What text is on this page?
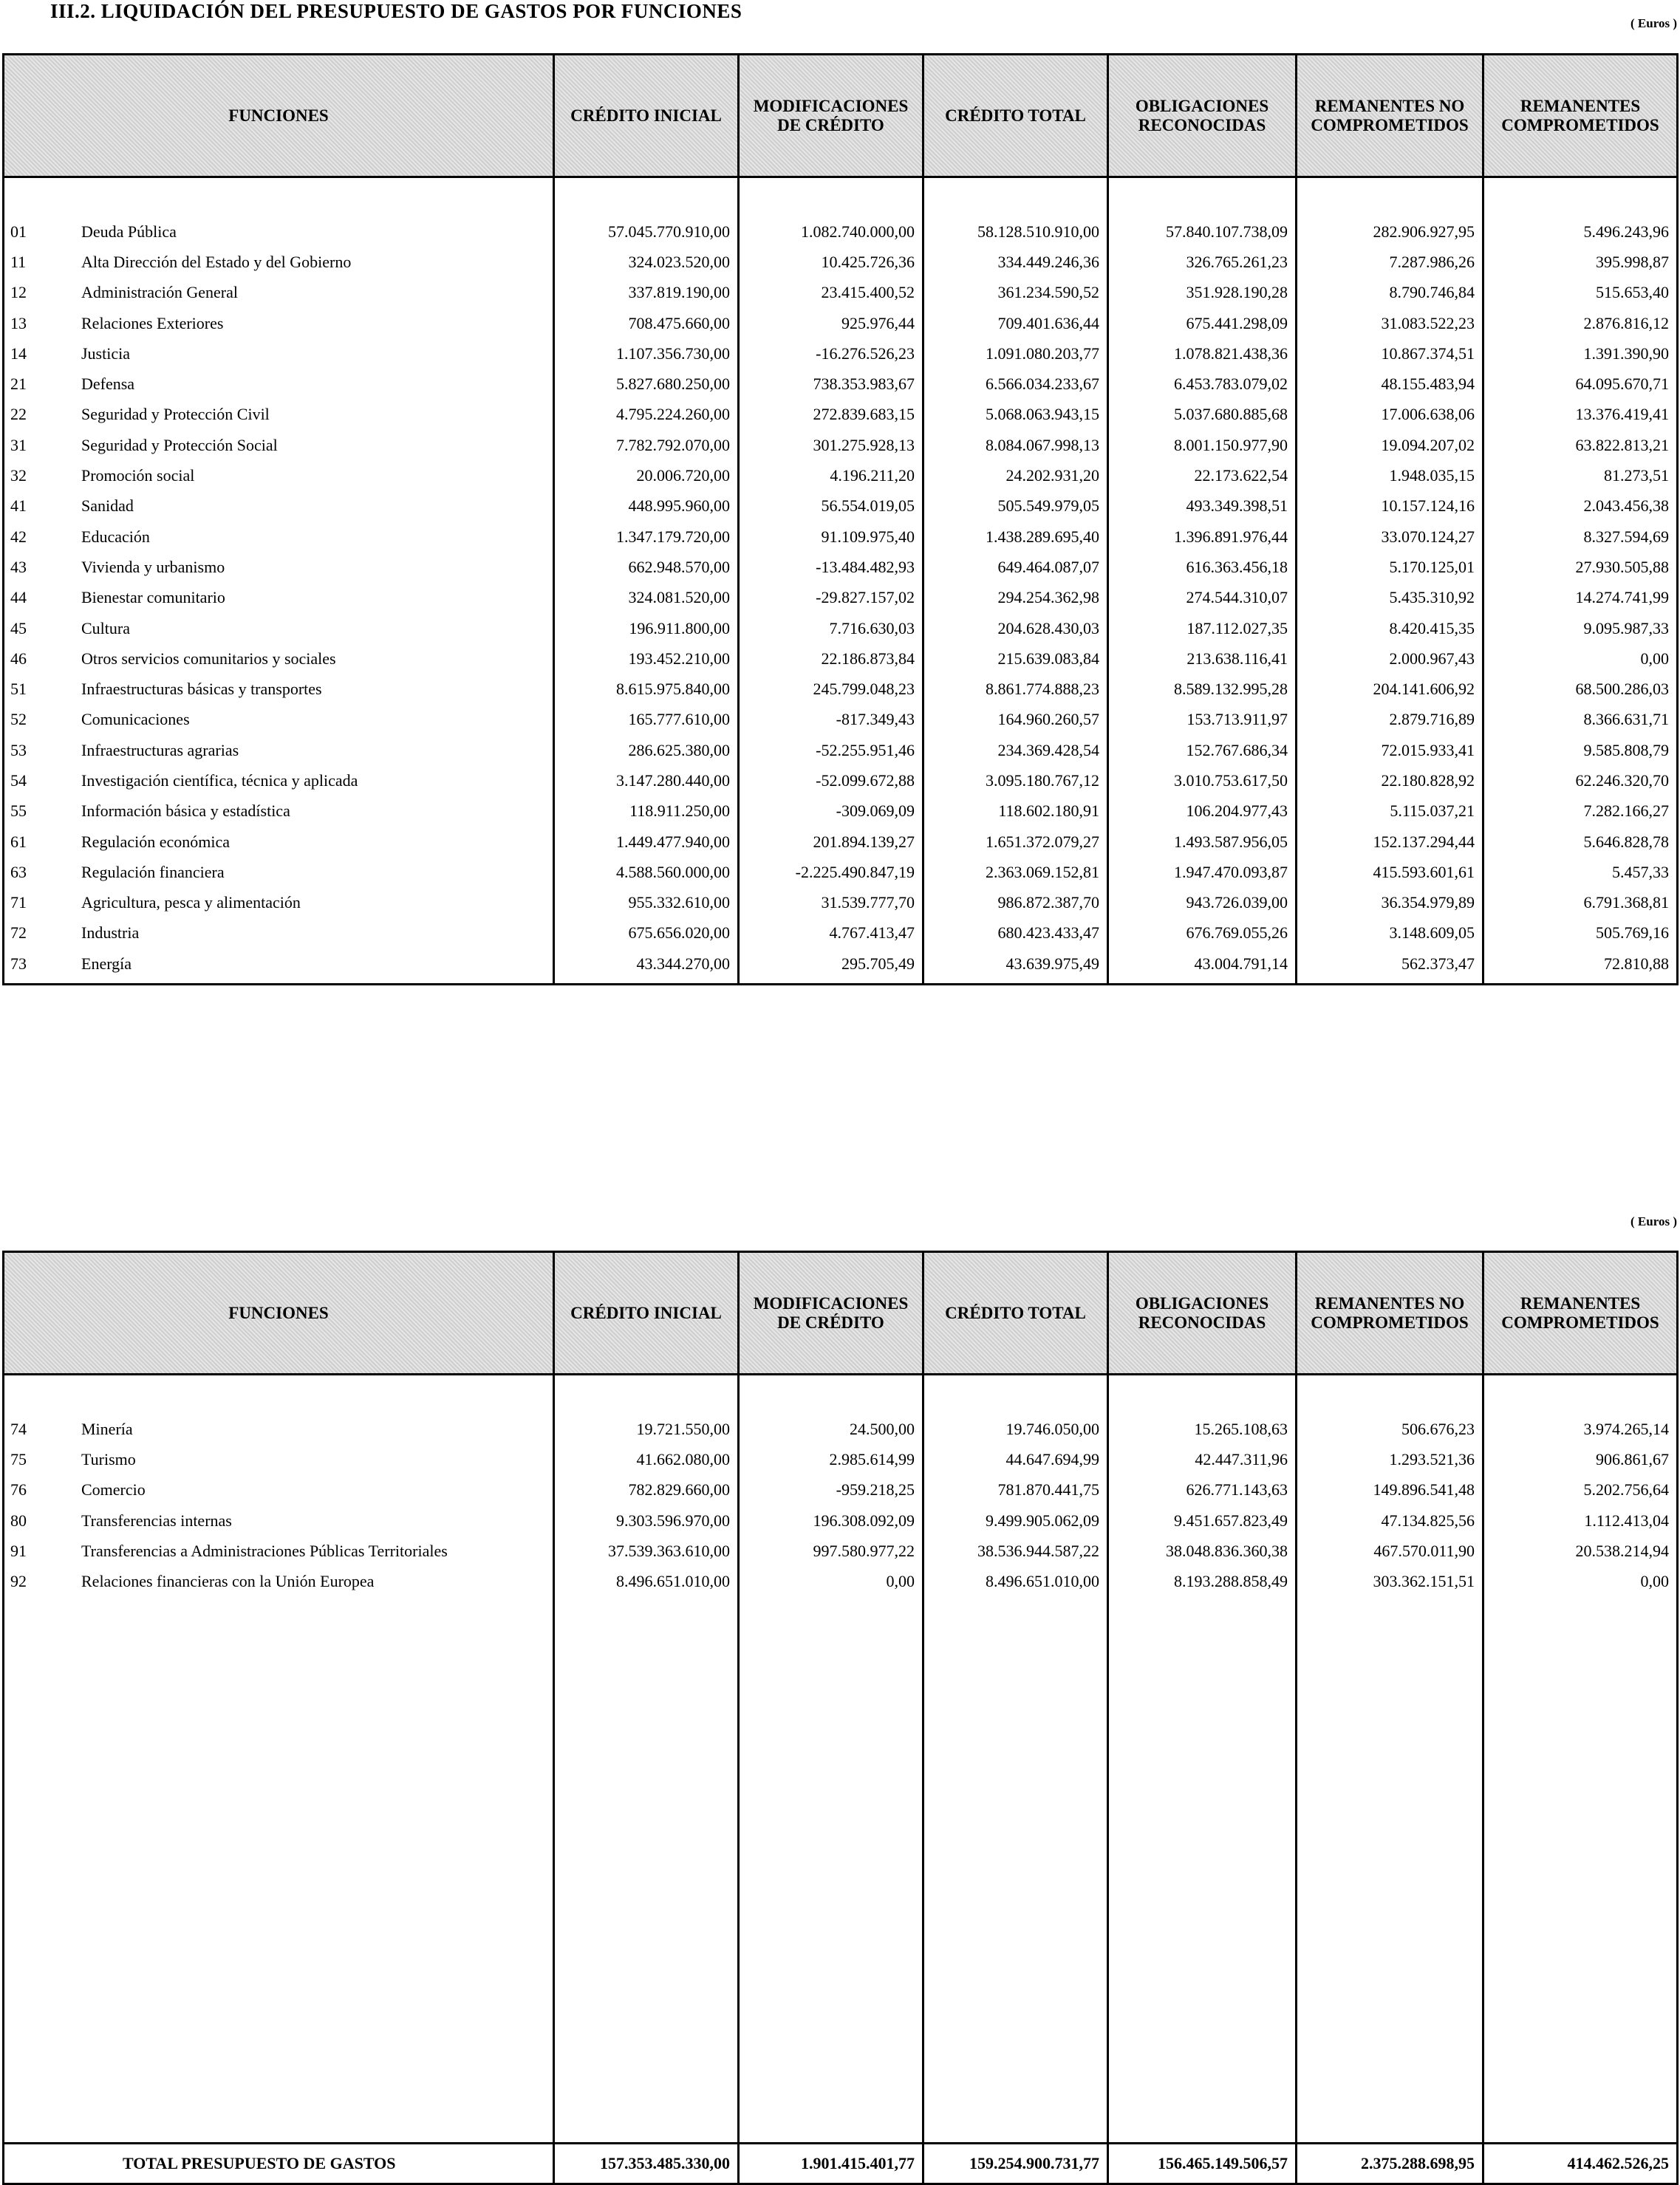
III.2. LIQUIDACIÓN DEL PRESUPUESTO DE GASTOS POR FUNCIONES
( Euros )
FUNCIONES	CRÉDITO INICIAL	MODIFICACIONES DE CRÉDITO	CRÉDITO TOTAL	OBLIGACIONES RECONOCIDAS	REMANENTES NO COMPROMETIDOS	REMANENTES COMPROMETIDOS

01 Deuda Pública	57.045.770.910,00	1.082.740.000,00	58.128.510.910,00	57.840.107.738,09	282.906.927,95	5.496.243,96
11 Alta Dirección del Estado y del Gobierno	324.023.520,00	10.425.726,36	334.449.246,36	326.765.261,23	7.287.986,26	395.998,87
12 Administración General	337.819.190,00	23.415.400,52	361.234.590,52	351.928.190,28	8.790.746,84	515.653,40
13 Relaciones Exteriores	708.475.660,00	925.976,44	709.401.636,44	675.441.298,09	31.083.522,23	2.876.816,12
14 Justicia	1.107.356.730,00	-16.276.526,23	1.091.080.203,77	1.078.821.438,36	10.867.374,51	1.391.390,90
21 Defensa	5.827.680.250,00	738.353.983,67	6.566.034.233,67	6.453.783.079,02	48.155.483,94	64.095.670,71
22 Seguridad y Protección Civil	4.795.224.260,00	272.839.683,15	5.068.063.943,15	5.037.680.885,68	17.006.638,06	13.376.419,41
31 Seguridad y Protección Social	7.782.792.070,00	301.275.928,13	8.084.067.998,13	8.001.150.977,90	19.094.207,02	63.822.813,21
32 Promoción social	20.006.720,00	4.196.211,20	24.202.931,20	22.173.622,54	1.948.035,15	81.273,51
41 Sanidad	448.995.960,00	56.554.019,05	505.549.979,05	493.349.398,51	10.157.124,16	2.043.456,38
42 Educación	1.347.179.720,00	91.109.975,40	1.438.289.695,40	1.396.891.976,44	33.070.124,27	8.327.594,69
43 Vivienda y urbanismo	662.948.570,00	-13.484.482,93	649.464.087,07	616.363.456,18	5.170.125,01	27.930.505,88
44 Bienestar comunitario	324.081.520,00	-29.827.157,02	294.254.362,98	274.544.310,07	5.435.310,92	14.274.741,99
45 Cultura	196.911.800,00	7.716.630,03	204.628.430,03	187.112.027,35	8.420.415,35	9.095.987,33
46 Otros servicios comunitarios y sociales	193.452.210,00	22.186.873,84	215.639.083,84	213.638.116,41	2.000.967,43	0,00
51 Infraestructuras básicas y transportes	8.615.975.840,00	245.799.048,23	8.861.774.888,23	8.589.132.995,28	204.141.606,92	68.500.286,03
52 Comunicaciones	165.777.610,00	-817.349,43	164.960.260,57	153.713.911,97	2.879.716,89	8.366.631,71
53 Infraestructuras agrarias	286.625.380,00	-52.255.951,46	234.369.428,54	152.767.686,34	72.015.933,41	9.585.808,79
54 Investigación científica, técnica y aplicada	3.147.280.440,00	-52.099.672,88	3.095.180.767,12	3.010.753.617,50	22.180.828,92	62.246.320,70
55 Información básica y estadística	118.911.250,00	-309.069,09	118.602.180,91	106.204.977,43	5.115.037,21	7.282.166,27
61 Regulación económica	1.449.477.940,00	201.894.139,27	1.651.372.079,27	1.493.587.956,05	152.137.294,44	5.646.828,78
63 Regulación financiera	4.588.560.000,00	-2.225.490.847,19	2.363.069.152,81	1.947.470.093,87	415.593.601,61	5.457,33
71 Agricultura, pesca y alimentación	955.332.610,00	31.539.777,70	986.872.387,70	943.726.039,00	36.354.979,89	6.791.368,81
72 Industria	675.656.020,00	4.767.413,47	680.423.433,47	676.769.055,26	3.148.609,05	505.769,16
73 Energía	43.344.270,00	295.705,49	43.639.975,49	43.004.791,14	562.373,47	72.810,88

( Euros )
FUNCIONES	CRÉDITO INICIAL	MODIFICACIONES DE CRÉDITO	CRÉDITO TOTAL	OBLIGACIONES RECONOCIDAS	REMANENTES NO COMPROMETIDOS	REMANENTES COMPROMETIDOS

74 Minería	19.721.550,00	24.500,00	19.746.050,00	15.265.108,63	506.676,23	3.974.265,14
75 Turismo	41.662.080,00	2.985.614,99	44.647.694,99	42.447.311,96	1.293.521,36	906.861,67
76 Comercio	782.829.660,00	-959.218,25	781.870.441,75	626.771.143,63	149.896.541,48	5.202.756,64
80 Transferencias internas	9.303.596.970,00	196.308.092,09	9.499.905.062,09	9.451.657.823,49	47.134.825,56	1.112.413,04
91 Transferencias a Administraciones Públicas Territoriales	37.539.363.610,00	997.580.977,22	38.536.944.587,22	38.048.836.360,38	467.570.011,90	20.538.214,94
92 Relaciones financieras con la Unión Europea	8.496.651.010,00	0,00	8.496.651.010,00	8.193.288.858,49	303.362.151,51	0,00

TOTAL PRESUPUESTO DE GASTOS	157.353.485.330,00	1.901.415.401,77	159.254.900.731,77	156.465.149.506,57	2.375.288.698,95	414.462.526,25
